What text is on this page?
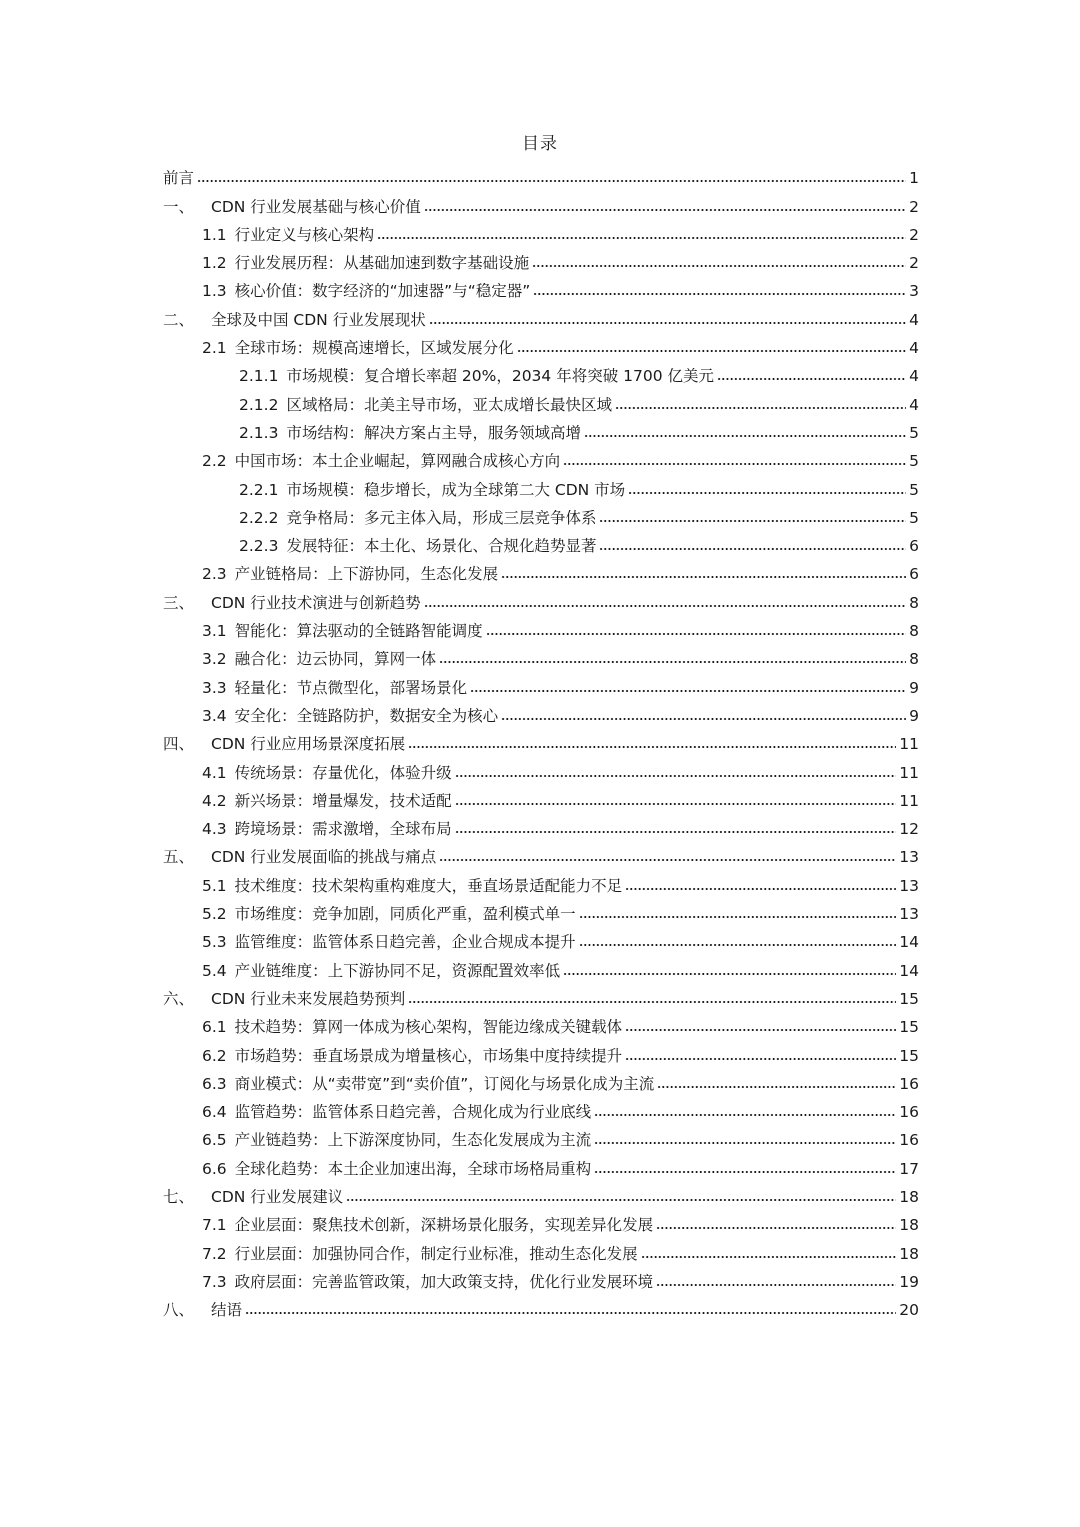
目录
前言	1
一、	CDN 行业发展基础与核心价值	2
1.1 行业定义与核心架构	2
1.2 行业发展历程：从基础加速到数字基础设施	2
1.3 核心价值：数字经济的“加速器”与“稳定器”	3
二、	全球及中国 CDN 行业发展现状	4
2.1 全球市场：规模高速增长，区域发展分化	4
2.1.1 市场规模：复合增长率超 20%，2034 年将突破 1700 亿美元	4
2.1.2 区域格局：北美主导市场，亚太成增长最快区域	4
2.1.3 市场结构：解决方案占主导，服务领域高增	5
2.2 中国市场：本土企业崛起，算网融合成核心方向	5
2.2.1 市场规模：稳步增长，成为全球第二大 CDN 市场	5
2.2.2 竞争格局：多元主体入局，形成三层竞争体系	5
2.2.3 发展特征：本土化、场景化、合规化趋势显著	6
2.3 产业链格局：上下游协同，生态化发展	6
三、	CDN 行业技术演进与创新趋势	8
3.1 智能化：算法驱动的全链路智能调度	8
3.2 融合化：边云协同，算网一体	8
3.3 轻量化：节点微型化，部署场景化	9
3.4 安全化：全链路防护，数据安全为核心	9
四、	CDN 行业应用场景深度拓展	11
4.1 传统场景：存量优化，体验升级	11
4.2 新兴场景：增量爆发，技术适配	11
4.3 跨境场景：需求激增，全球布局	12
五、	CDN 行业发展面临的挑战与痛点	13
5.1 技术维度：技术架构重构难度大，垂直场景适配能力不足	13
5.2 市场维度：竞争加剧，同质化严重，盈利模式单一	13
5.3 监管维度：监管体系日趋完善，企业合规成本提升	14
5.4 产业链维度：上下游协同不足，资源配置效率低	14
六、	CDN 行业未来发展趋势预判	15
6.1 技术趋势：算网一体成为核心架构，智能边缘成关键载体	15
6.2 市场趋势：垂直场景成为增量核心，市场集中度持续提升	15
6.3 商业模式：从“卖带宽”到“卖价值”，订阅化与场景化成为主流	16
6.4 监管趋势：监管体系日趋完善，合规化成为行业底线	16
6.5 产业链趋势：上下游深度协同，生态化发展成为主流	16
6.6 全球化趋势：本土企业加速出海，全球市场格局重构	17
七、	CDN 行业发展建议	18
7.1 企业层面：聚焦技术创新，深耕场景化服务，实现差异化发展	18
7.2 行业层面：加强协同合作，制定行业标准，推动生态化发展	18
7.3 政府层面：完善监管政策，加大政策支持，优化行业发展环境	19
八、	结语	20
